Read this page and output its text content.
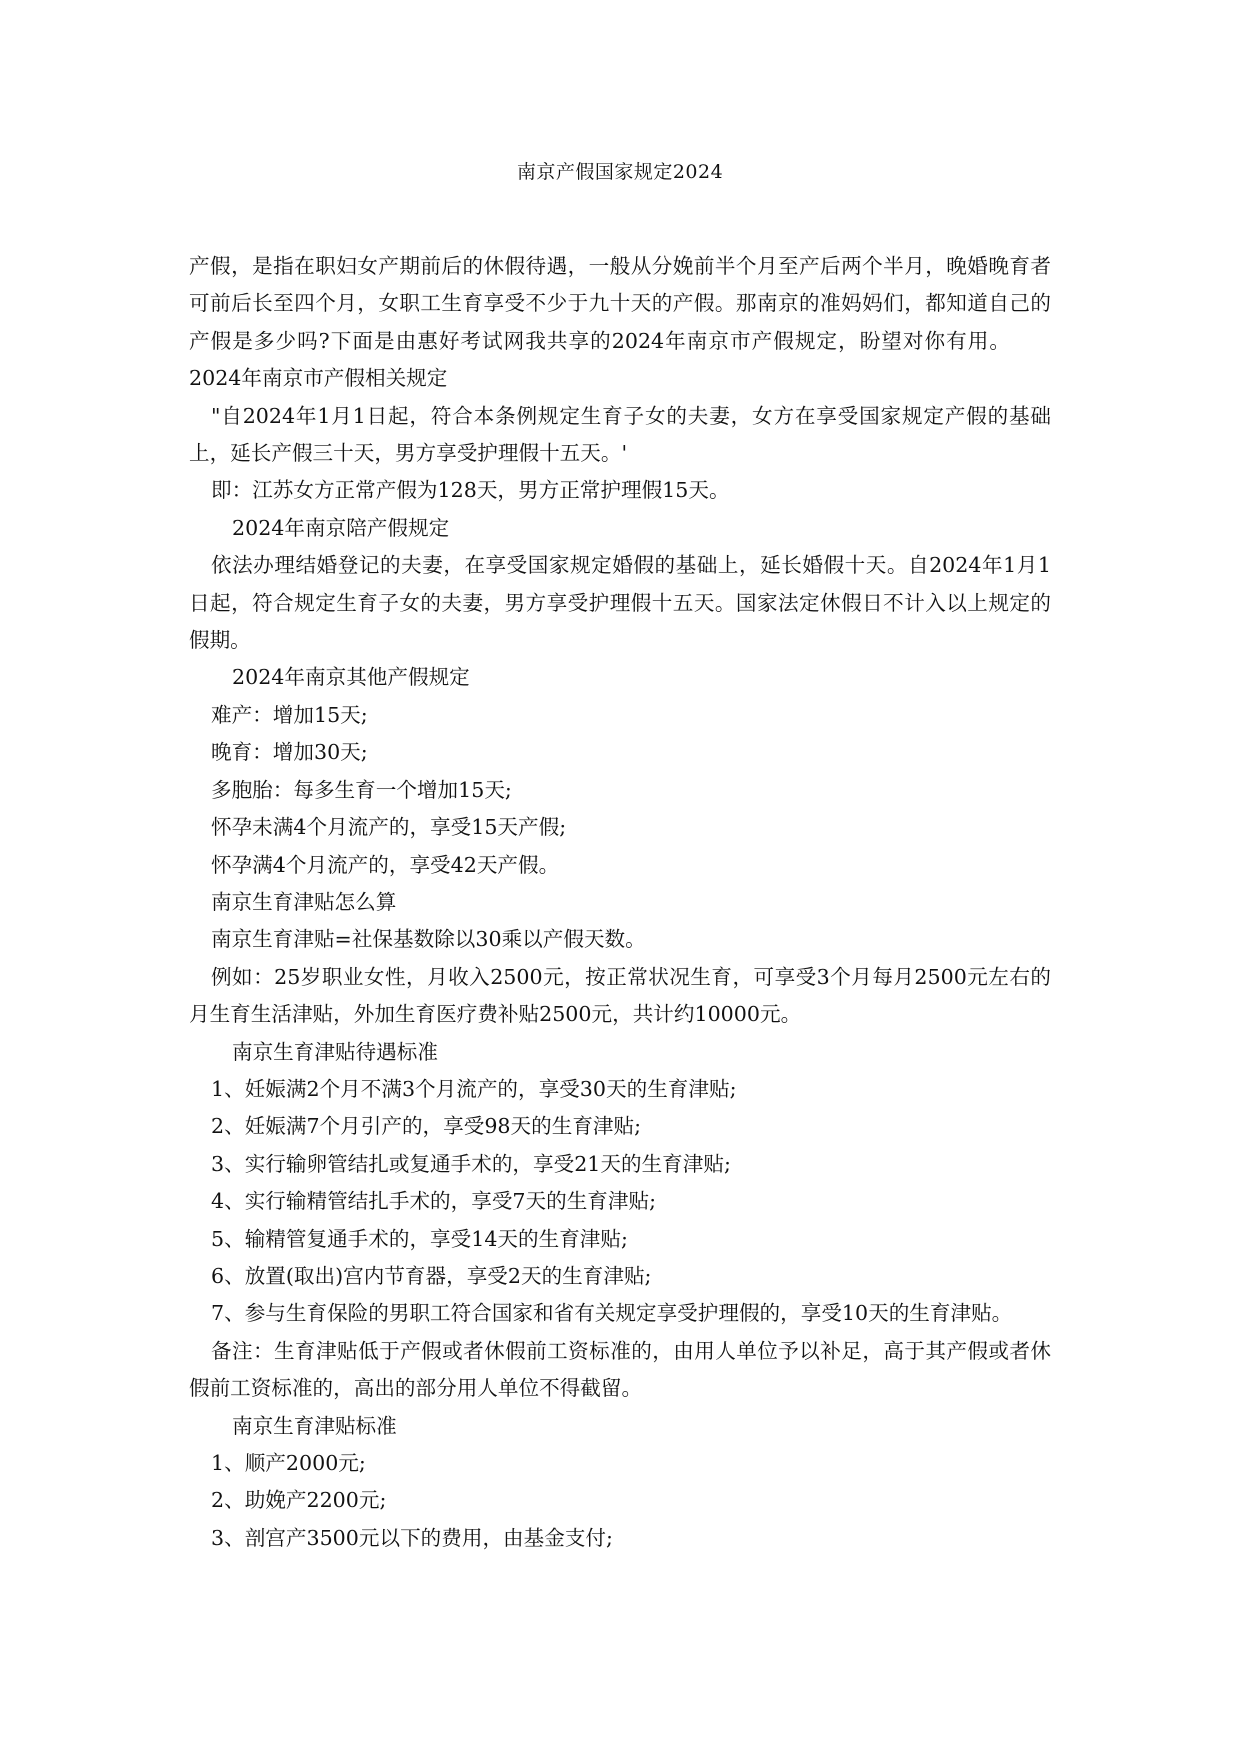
南京产假国家规定2024

产假，是指在职妇女产期前后的休假待遇，一般从分娩前半个月至产后两个半月，晚婚晚育者可前后长至四个月，女职工生育享受不少于九十天的产假。那南京的准妈妈们，都知道自己的产假是多少吗?下面是由惠好考试网我共享的2024年南京市产假规定，盼望对你有用。2024年南京市产假相关规定

"自2024年1月1日起，符合本条例规定生育子女的夫妻，女方在享受国家规定产假的基础上，延长产假三十天，男方享受护理假十五天。'

即：江苏女方正常产假为128天，男方正常护理假15天。

2024年南京陪产假规定

依法办理结婚登记的夫妻，在享受国家规定婚假的基础上，延长婚假十天。自2024年1月1日起，符合规定生育子女的夫妻，男方享受护理假十五天。国家法定休假日不计入以上规定的假期。

2024年南京其他产假规定

难产：增加15天;

晚育：增加30天;

多胞胎：每多生育一个增加15天;

怀孕未满4个月流产的，享受15天产假;

怀孕满4个月流产的，享受42天产假。

南京生育津贴怎么算

南京生育津贴=社保基数除以30乘以产假天数。

例如：25岁职业女性，月收入2500元，按正常状况生育，可享受3个月每月2500元左右的月生育生活津贴，外加生育医疗费补贴2500元，共计约10000元。

南京生育津贴待遇标准

1、妊娠满2个月不满3个月流产的，享受30天的生育津贴;

2、妊娠满7个月引产的，享受98天的生育津贴;

3、实行输卵管结扎或复通手术的，享受21天的生育津贴;

4、实行输精管结扎手术的，享受7天的生育津贴;

5、输精管复通手术的，享受14天的生育津贴;

6、放置(取出)宫内节育器，享受2天的生育津贴;

7、参与生育保险的男职工符合国家和省有关规定享受护理假的，享受10天的生育津贴。

备注：生育津贴低于产假或者休假前工资标准的，由用人单位予以补足，高于其产假或者休假前工资标准的，高出的部分用人单位不得截留。

南京生育津贴标准

1、顺产2000元;

2、助娩产2200元;

3、剖宫产3500元以下的费用，由基金支付;
